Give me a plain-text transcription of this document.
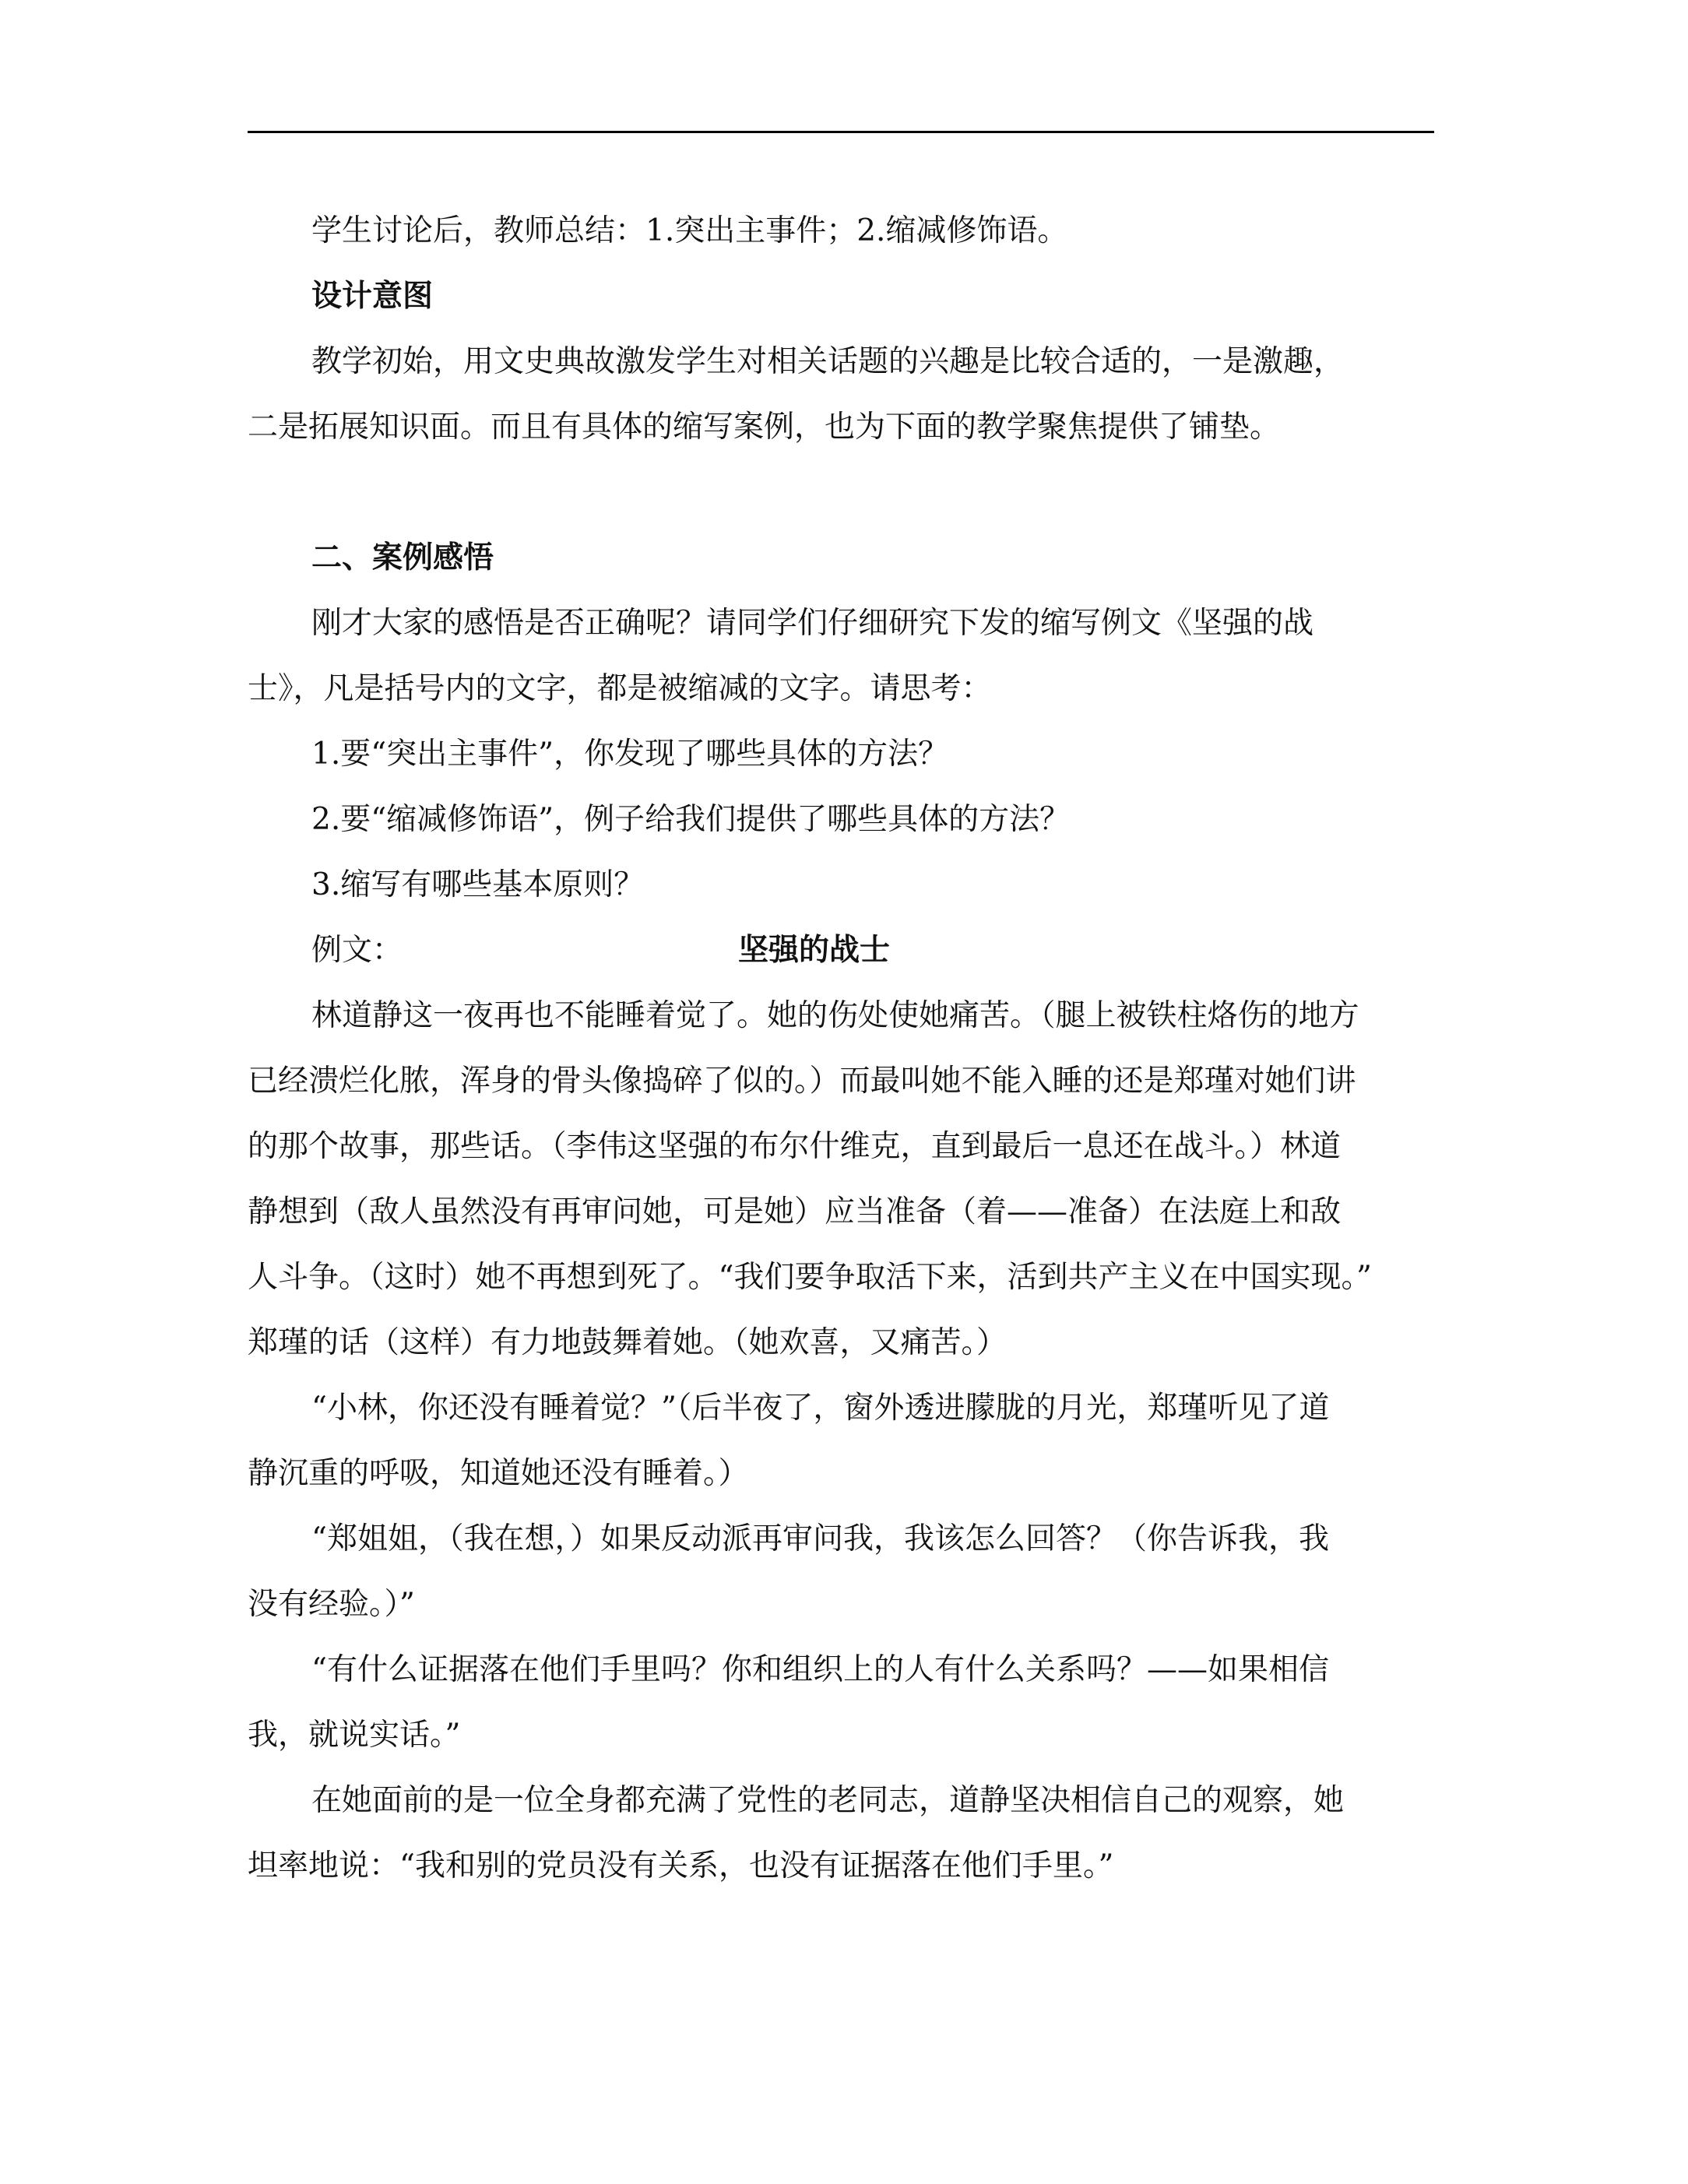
学生讨论后，教师总结：1.突出主事件；2.缩减修饰语。
设计意图
教学初始，用文史典故激发学生对相关话题的兴趣是比较合适的，一是激趣，
二是拓展知识面。而且有具体的缩写案例，也为下面的教学聚焦提供了铺垫。
二、案例感悟
刚才大家的感悟是否正确呢？请同学们仔细研究下发的缩写例文《坚强的战
士》，凡是括号内的文字，都是被缩减的文字。请思考：
1.要“突出主事件”，你发现了哪些具体的方法？
2.要“缩减修饰语”，例子给我们提供了哪些具体的方法？
3.缩写有哪些基本原则？
例文：	坚强的战士
林道静这一夜再也不能睡着觉了。她的伤处使她痛苦。（腿上被铁柱烙伤的地方
已经溃烂化脓，浑身的骨头像捣碎了似的。）而最叫她不能入睡的还是郑瑾对她们讲
的那个故事，那些话。（李伟这坚强的布尔什维克，直到最后一息还在战斗。）林道
静想到（敌人虽然没有再审问她，可是她）应当准备（着——准备）在法庭上和敌
人斗争。（这时）她不再想到死了。“我们要争取活下来，活到共产主义在中国实现。”
郑瑾的话（这样）有力地鼓舞着她。（她欢喜，又痛苦。）
“小林，你还没有睡着觉？”（后半夜了，窗外透进朦胧的月光，郑瑾听见了道
静沉重的呼吸，知道她还没有睡着。）
“郑姐姐，（我在想，）如果反动派再审问我，我该怎么回答？（你告诉我，我
没有经验。）”
“有什么证据落在他们手里吗？你和组织上的人有什么关系吗？——如果相信
我，就说实话。”
在她面前的是一位全身都充满了党性的老同志，道静坚决相信自己的观察，她
坦率地说：“我和别的党员没有关系，也没有证据落在他们手里。”
